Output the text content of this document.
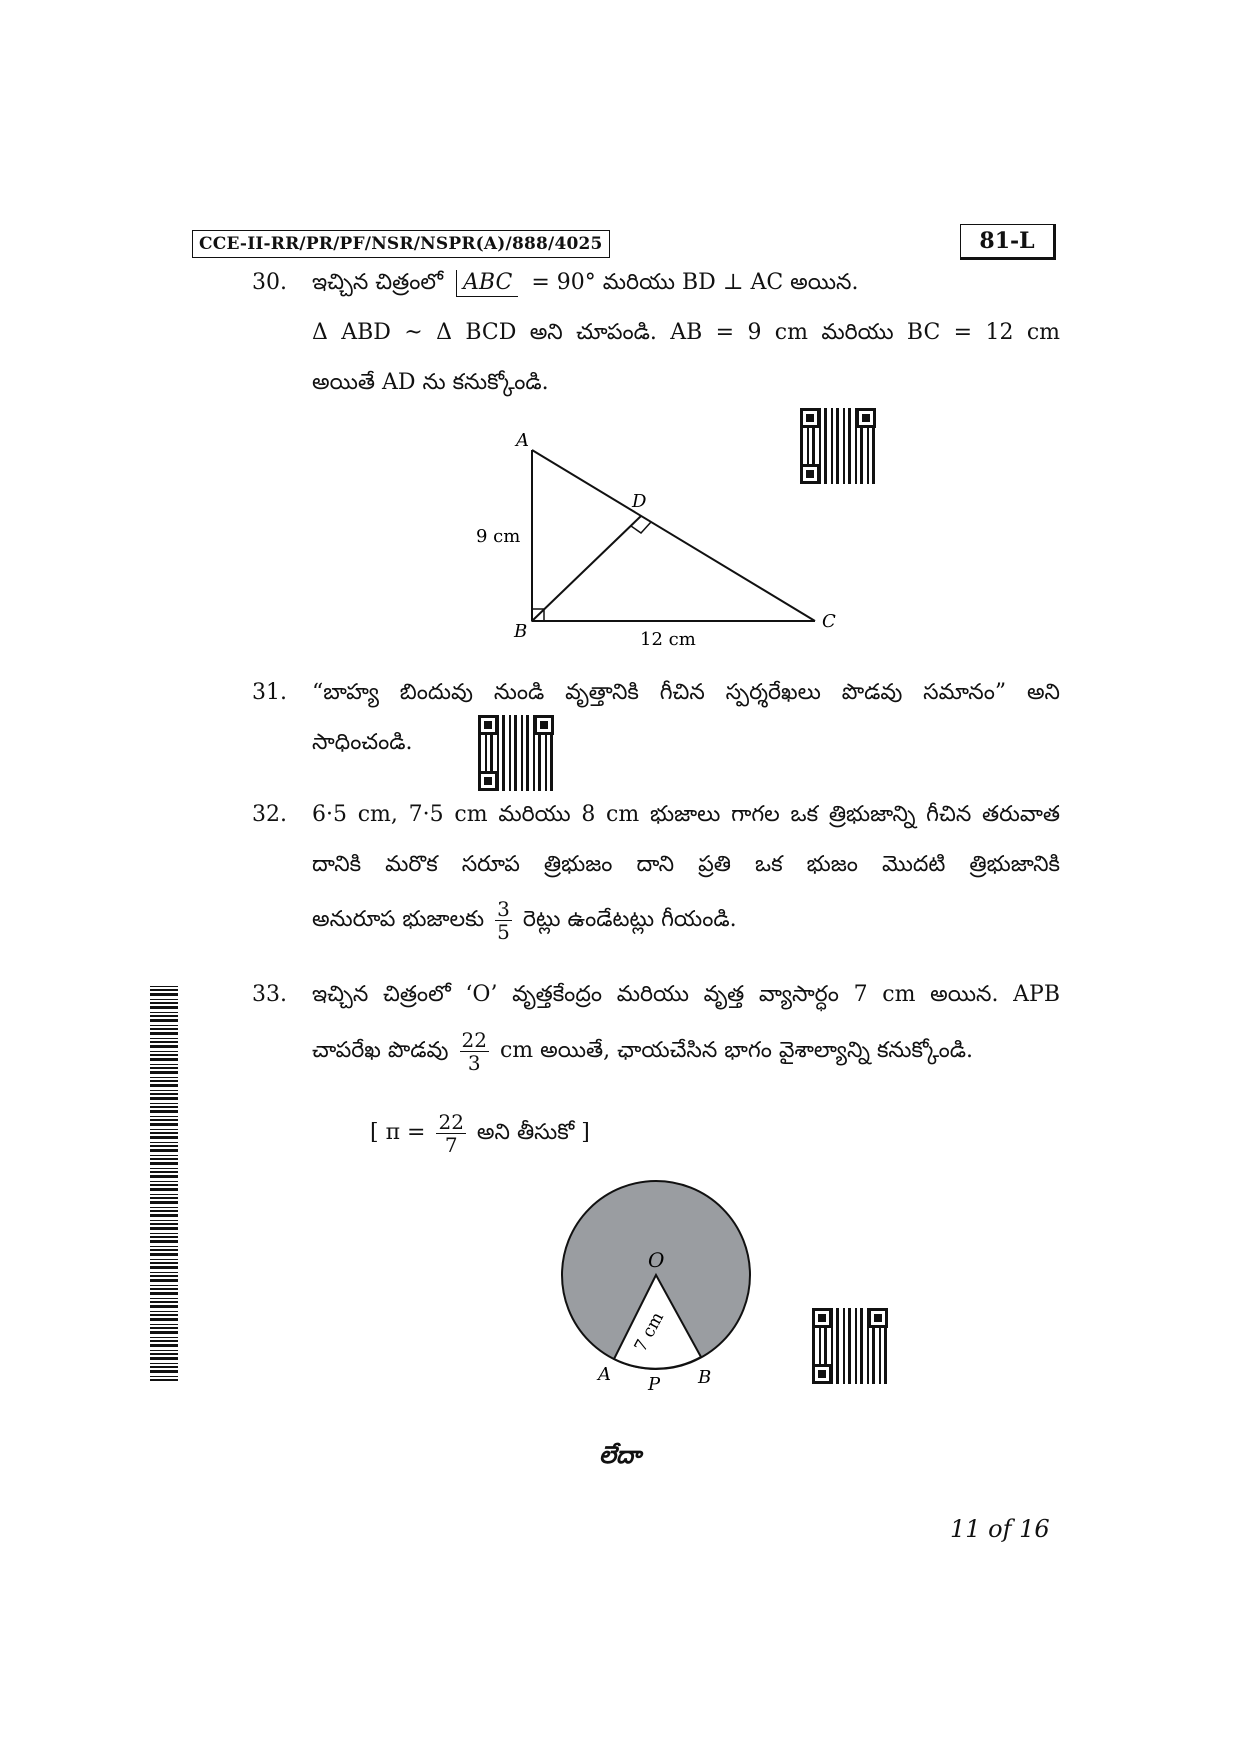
CCE-II-RR/PR/PF/NSR/NSPR(A)/888/4025	81-L
30. ఇచ్చిన చిత్రంలో ABC = 90° మరియు BD ⊥ AC అయిన.
Δ ABD ~ Δ BCD అని చూపండి. AB = 9 cm మరియు BC = 12 cm
అయితే AD ను కనుక్కోండి.
A
B	C
D
9 cm
12 cm
31. “బాహ్య బిందువు నుండి వృత్తానికి గీచిన స్పర్శరేఖలు పొడవు సమానం” అని
సాధించండి.
32. 6·5 cm, 7·5 cm మరియు 8 cm భుజాలు గాగల ఒక త్రిభుజాన్ని గీచిన తరువాత
దానికి మరొక సరూప త్రిభుజం దాని ప్రతి ఒక భుజం మొదటి త్రిభుజానికి
అనురూప భుజాలకు $\frac{3}{5}$ రెట్లు ఉండేటట్లు గీయండి.
33. ఇచ్చిన చిత్రంలో ‘O’ వృత్తకేంద్రం మరియు వృత్త వ్యాసార్ధం 7 cm అయిన. APB
చాపరేఖ పొడవు $\frac{22}{3}$ cm అయితే, ఛాయచేసిన భాగం వైశాల్యాన్ని కనుక్కోండి.
[ $\pi = \frac{22}{7}$ అని తీసుకో ]
O
A	B
P
7 cm
లేదా
11 of 16
